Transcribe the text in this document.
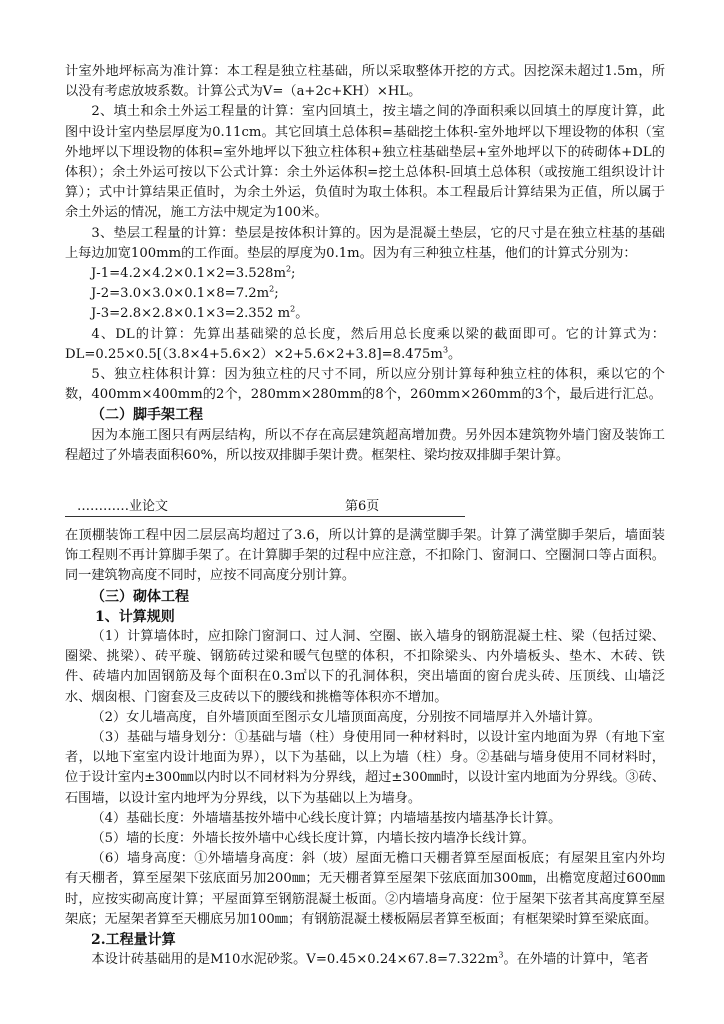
计室外地坪标高为准计算：本工程是独立柱基础，所以采取整体开挖的方式。因挖深未超过1.5m，所以没有考虑放坡系数。计算公式为V=（a+2c+KH）×HL。

2、填土和余土外运工程量的计算：室内回填土，按主墙之间的净面积乘以回填土的厚度计算，此图中设计室内垫层厚度为0.11cm。其它回填土总体积=基础挖土体积-室外地坪以下埋设物的体积（室外地坪以下埋设物的体积=室外地坪以下独立柱体积+独立柱基础垫层+室外地坪以下的砖砌体+DL的体积）；余土外运可按以下公式计算：余土外运体积=挖土总体积-回填土总体积（或按施工组织设计计算）；式中计算结果正值时，为余土外运，负值时为取土体积。本工程最后计算结果为正值，所以属于余土外运的情况，施工方法中规定为100米。

3、垫层工程量的计算：垫层是按体积计算的。因为是混凝土垫层，它的尺寸是在独立柱基的基础上每边加宽100mm的工作面。垫层的厚度为0.1m。因为有三种独立柱基，他们的计算式分别为：

$J-1=4.2\times 4.2\times 0.1\times 2=3.528m^2$;

$J-2=3.0\times 3.0\times 0.1\times 8=7.2m^2$;

J-3=2.8×2.8×0.1×3=2.352 $m^2$。

4、DL的计算：先算出基础梁的总长度，然后用总长度乘以梁的截面即可。它的计算式为：$DL=0.25\times 0.5[(3.8\times 4+5.6\times 2)\times 2+5.6\times 2+3.8]=8.475m^3$。

5、独立柱体积计算：因为独立柱的尺寸不同，所以应分别计算每种独立柱的体积，乘以它的个数，400mm×400mm的2个，280mm×280mm的8个，260mm×260mm的3个，最后进行汇总。

（二）脚手架工程

因为本施工图只有两层结构，所以不存在高层建筑超高增加费。另外因本建筑物外墙门窗及装饰工程超过了外墙表面积60%，所以按双排脚手架计费。框架柱、梁均按双排脚手架计算。

…………业论文	第6页

在顶棚装饰工程中因二层层高均超过了3.6，所以计算的是满堂脚手架。计算了满堂脚手架后，墙面装饰工程则不再计算脚手架了。在计算脚手架的过程中应注意，不扣除门、窗洞口、空圈洞口等占面积。同一建筑物高度不同时，应按不同高度分别计算。

（三）砌体工程

1、计算规则

（1）计算墙体时，应扣除门窗洞口、过人洞、空圈、嵌入墙身的钢筋混凝土柱、梁（包括过梁、圈梁、挑梁）、砖平璇、钢筋砖过梁和暖气包壁的体积，不扣除梁头、内外墙板头、垫木、木砖、铁件、砖墙内加固钢筋及每个面积在0.3㎡以下的孔洞体积，突出墙面的窗台虎头砖、压顶线、山墙泛水、烟囱根、门窗套及三皮砖以下的腰线和挑檐等体积亦不增加。

（2）女儿墙高度，自外墙顶面至图示女儿墙顶面高度，分别按不同墙厚并入外墙计算。

（3）基础与墙身划分：①基础与墙（柱）身使用同一种材料时，以设计室内地面为界（有地下室者，以地下室室内设计地面为界），以下为基础，以上为墙（柱）身。②基础与墙身使用不同材料时，位于设计室内±300㎜以内时以不同材料为分界线，超过±300㎜时，以设计室内地面为分界线。③砖、石围墙，以设计室内地坪为分界线，以下为基础以上为墙身。

（4）基础长度：外墙墙基按外墙中心线长度计算；内墙墙基按内墙基净长计算。

（5）墙的长度：外墙长按外墙中心线长度计算，内墙长按内墙净长线计算。

（6）墙身高度：①外墙墙身高度：斜（坡）屋面无檐口天棚者算至屋面板底；有屋架且室内外均有天棚者，算至屋架下弦底面另加200㎜；无天棚者算至屋架下弦底面加300㎜，出檐宽度超过600㎜时，应按实砌高度计算；平屋面算至钢筋混凝土板面。②内墙墙身高度：位于屋架下弦者其高度算至屋架底；无屋架者算至天棚底另加100㎜；有钢筋混凝土楼板隔层者算至板面；有框架梁时算至梁底面。

2.工程量计算

本设计砖基础用的是M10水泥砂浆。$V=0.45\times 0.24\times 67.8=7.322m^3$。在外墙的计算中，笔者
